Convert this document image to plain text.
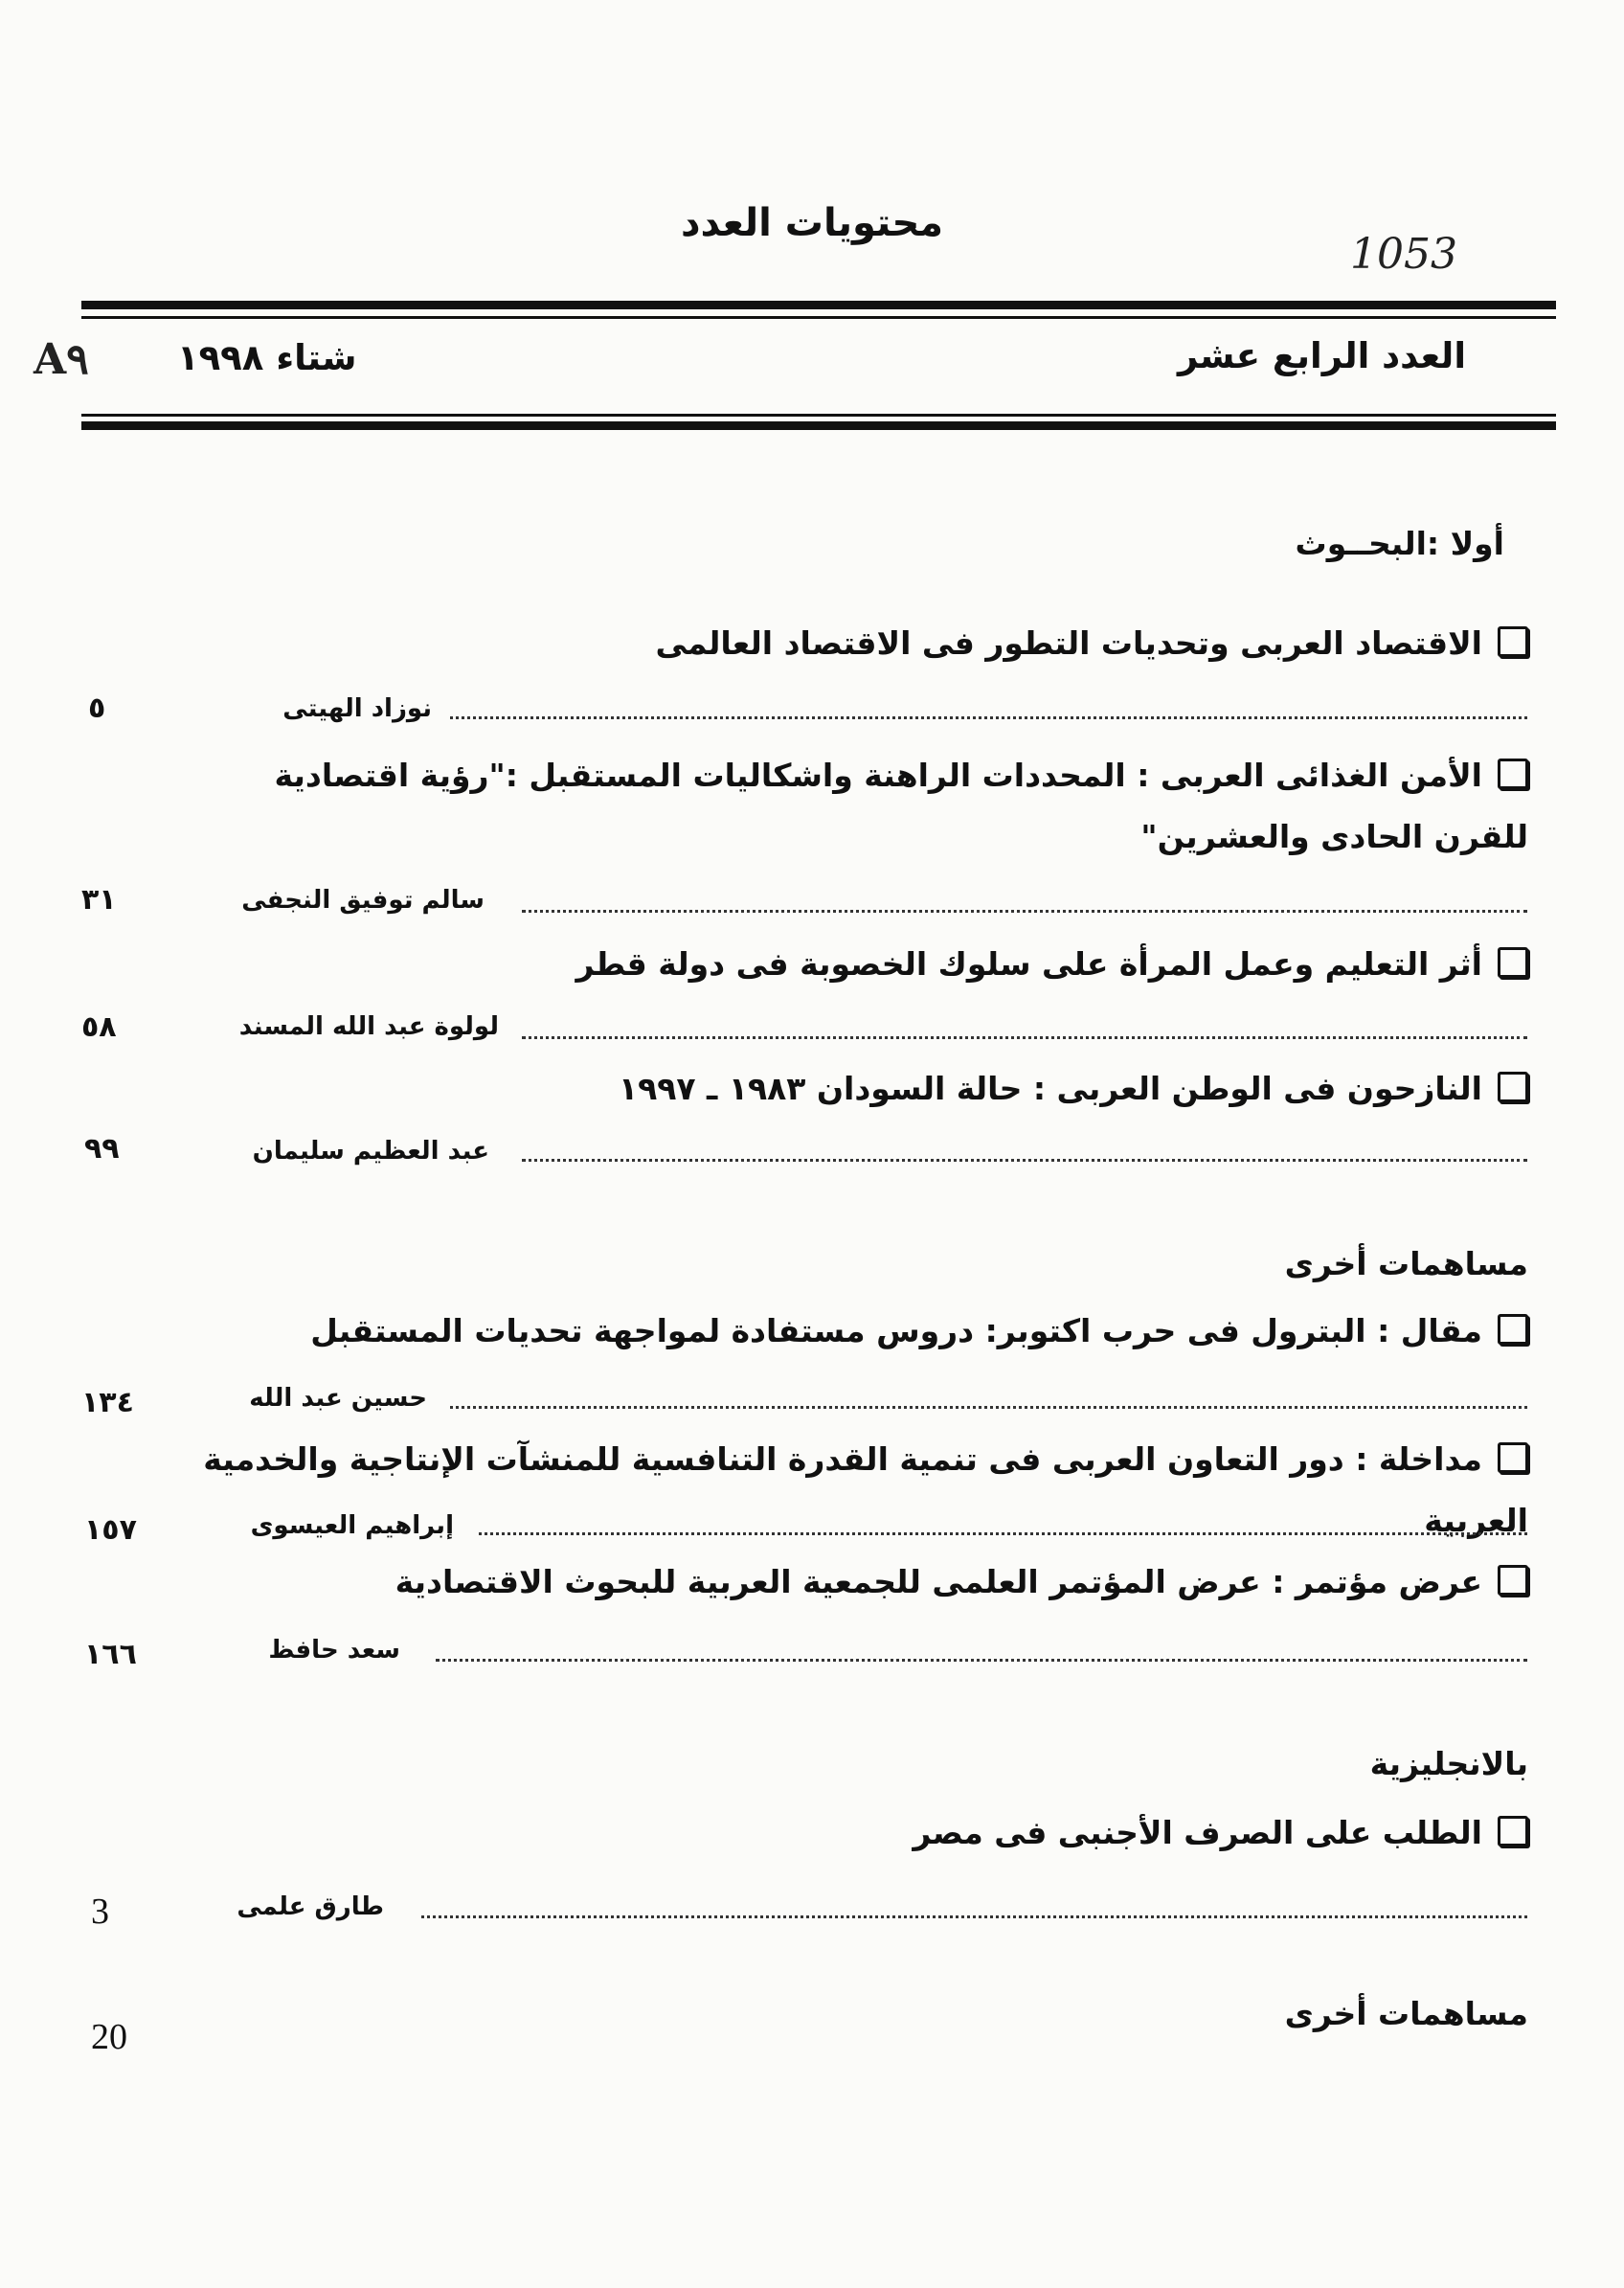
محتويات العدد
1053
A٩ شتاء ١٩٩٨	العدد الرابع عشر
أولا :البحــوث
الاقتصاد العربى وتحديات التطور فى الاقتصاد العالمى
نوزاد الهيتى
٥
الأمن الغذائى العربى : المحددات الراهنة واشكاليات المستقبل :"رؤية اقتصادية للقرن الحادى والعشرين"
سالم توفيق النجفى
٣١
أثر التعليم وعمل المرأة على سلوك الخصوبة فى دولة قطر
لولوة عبد الله المسند
٥٨
النازحون فى الوطن العربى : حالة السودان ١٩٨٣ ـ ١٩٩٧
عبد العظيم سليمان
٩٩
مساهمات أخرى
مقال : البترول فى حرب اكتوبر: دروس مستفادة لمواجهة تحديات المستقبل
حسين عبد الله
١٣٤
مداخلة : دور التعاون العربى فى تنمية القدرة التنافسية للمنشآت الإنتاجية والخدمية العربية
إبراهيم العيسوى
١٥٧
عرض مؤتمر : عرض المؤتمر العلمى للجمعية العربية للبحوث الاقتصادية
سعد حافظ
١٦٦
بالانجليزية
الطلب على الصرف الأجنبى فى مصر
طارق علمى
3
مساهمات أخرى
20
